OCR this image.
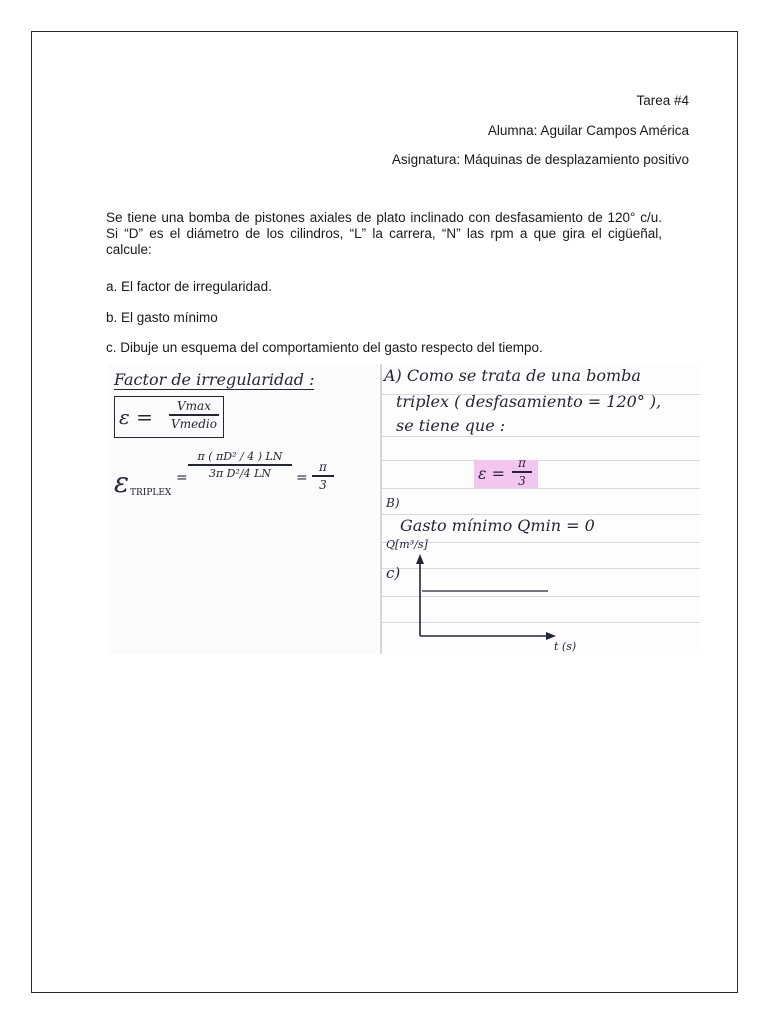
Tarea #4
Alumna: Aguilar Campos América
Asignatura: Máquinas de desplazamiento positivo
Se tiene una bomba de pistones axiales de plato inclinado con desfasamiento de 120° c/u. Si “D” es el diámetro de los cilindros, “L” la carrera, “N” las rpm a que gira el cigüeñal, calcule:
a. El factor de irregularidad.
b. El gasto mínimo
c. Dibuje un esquema del comportamiento del gasto respecto del tiempo.
Factor de irregularidad :
ε = Vmax
Vmedio
ε TRIPLEX
=
π ( πD² / 4 ) LN
3π D²/4 LN =
π
3
A) Como se trata de una bomba
triplex ( desfasamiento = 120° ),
se tiene que :
ε =
π
3
B)
Gasto mínimo Qmin = 0
Q[m³/s]
c)
t (s)
